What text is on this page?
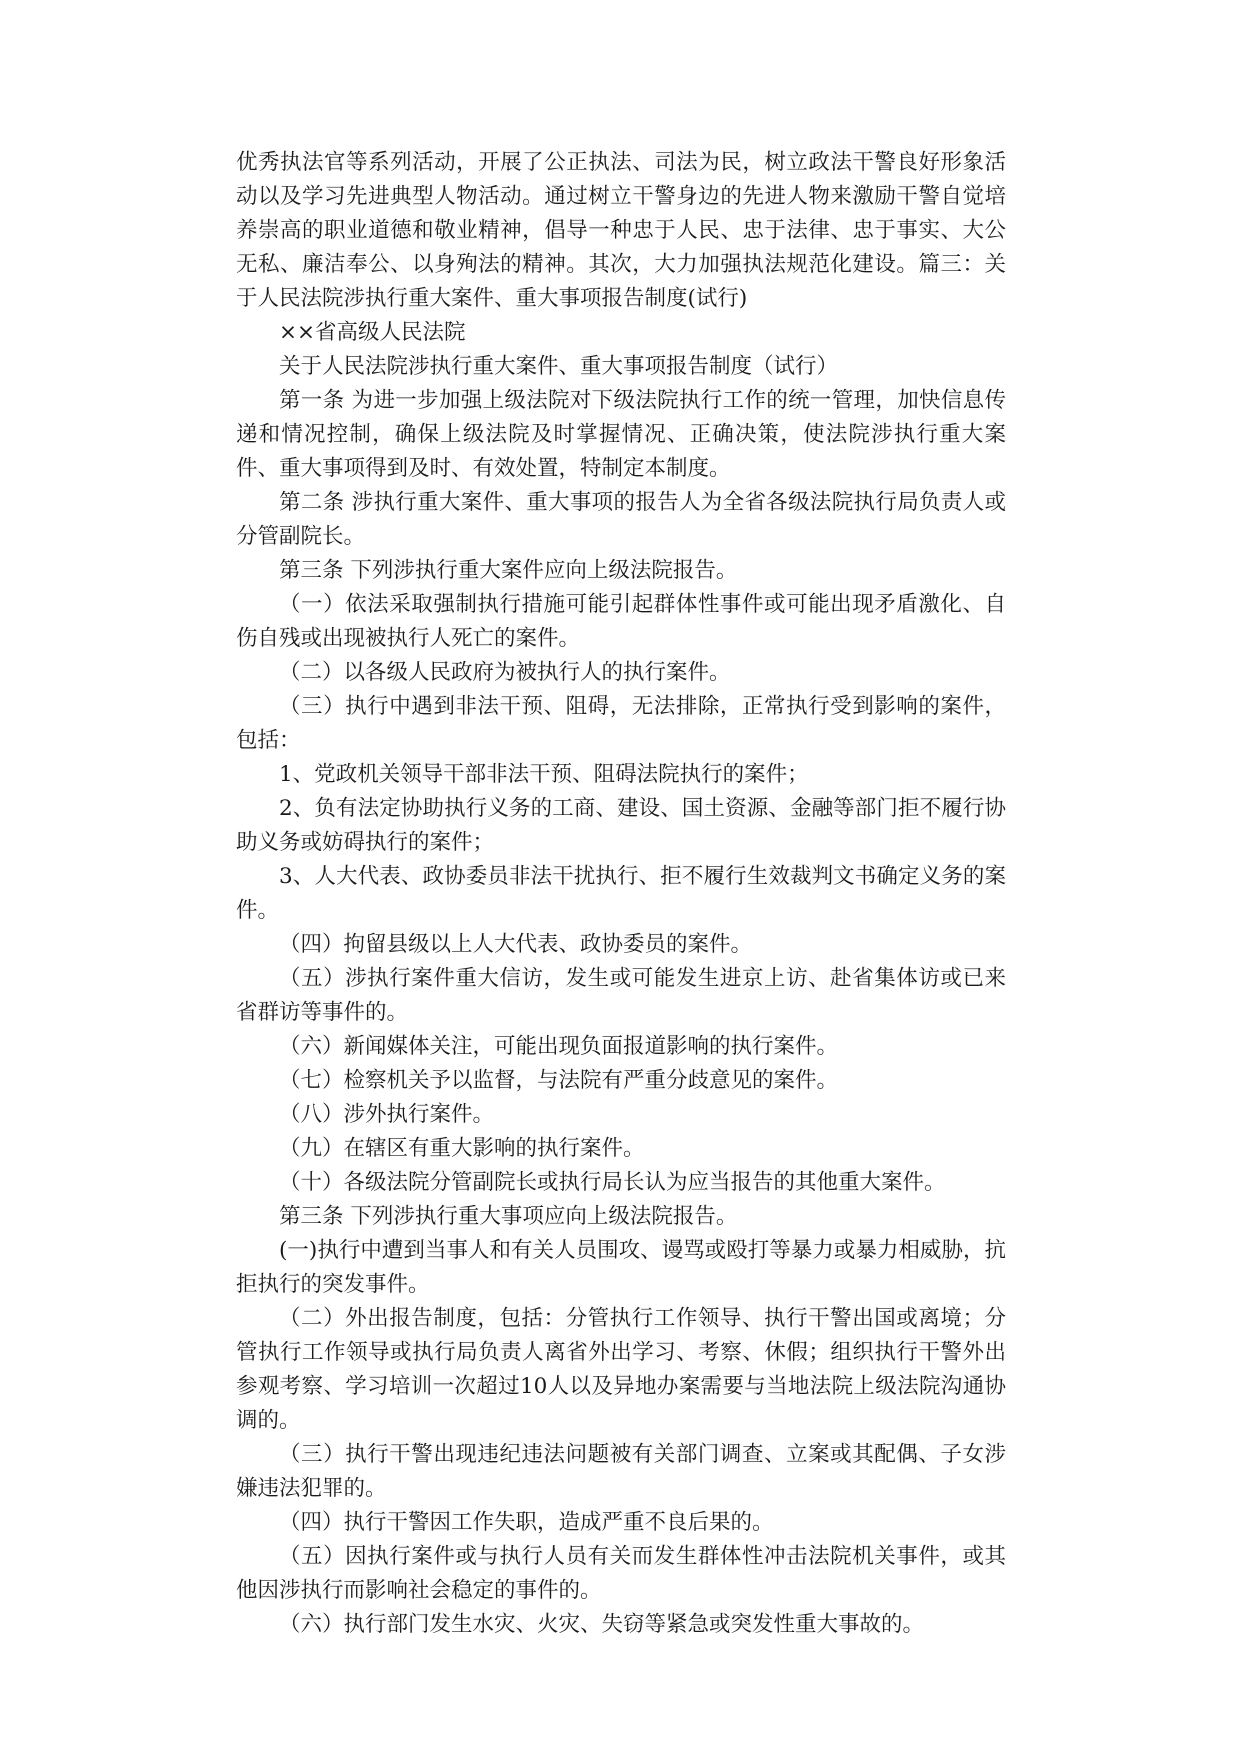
优秀执法官等系列活动，开展了公正执法、司法为民，树立政法干警良好形象活动以及学习先进典型人物活动。通过树立干警身边的先进人物来激励干警自觉培养崇高的职业道德和敬业精神，倡导一种忠于人民、忠于法律、忠于事实、大公无私、廉洁奉公、以身殉法的精神。其次，大力加强执法规范化建设。篇三：关于人民法院涉执行重大案件、重大事项报告制度(试行)

××省高级人民法院

关于人民法院涉执行重大案件、重大事项报告制度（试行）

第一条 为进一步加强上级法院对下级法院执行工作的统一管理，加快信息传递和情况控制，确保上级法院及时掌握情况、正确决策，使法院涉执行重大案件、重大事项得到及时、有效处置，特制定本制度。

第二条 涉执行重大案件、重大事项的报告人为全省各级法院执行局负责人或分管副院长。

第三条 下列涉执行重大案件应向上级法院报告。

（一）依法采取强制执行措施可能引起群体性事件或可能出现矛盾激化、自伤自残或出现被执行人死亡的案件。

（二）以各级人民政府为被执行人的执行案件。

（三）执行中遇到非法干预、阻碍，无法排除，正常执行受到影响的案件，包括：

1、党政机关领导干部非法干预、阻碍法院执行的案件；

2、负有法定协助执行义务的工商、建设、国土资源、金融等部门拒不履行协助义务或妨碍执行的案件；

3、人大代表、政协委员非法干扰执行、拒不履行生效裁判文书确定义务的案件。

（四）拘留县级以上人大代表、政协委员的案件。

（五）涉执行案件重大信访，发生或可能发生进京上访、赴省集体访或已来省群访等事件的。

（六）新闻媒体关注，可能出现负面报道影响的执行案件。

（七）检察机关予以监督，与法院有严重分歧意见的案件。

（八）涉外执行案件。

（九）在辖区有重大影响的执行案件。

（十）各级法院分管副院长或执行局长认为应当报告的其他重大案件。

第三条 下列涉执行重大事项应向上级法院报告。

(一)执行中遭到当事人和有关人员围攻、谩骂或殴打等暴力或暴力相威胁，抗拒执行的突发事件。

（二）外出报告制度，包括：分管执行工作领导、执行干警出国或离境；分管执行工作领导或执行局负责人离省外出学习、考察、休假；组织执行干警外出参观考察、学习培训一次超过10人以及异地办案需要与当地法院上级法院沟通协调的。

（三）执行干警出现违纪违法问题被有关部门调查、立案或其配偶、子女涉嫌违法犯罪的。

（四）执行干警因工作失职，造成严重不良后果的。

（五）因执行案件或与执行人员有关而发生群体性冲击法院机关事件，或其他因涉执行而影响社会稳定的事件的。

（六）执行部门发生水灾、火灾、失窃等紧急或突发性重大事故的。
